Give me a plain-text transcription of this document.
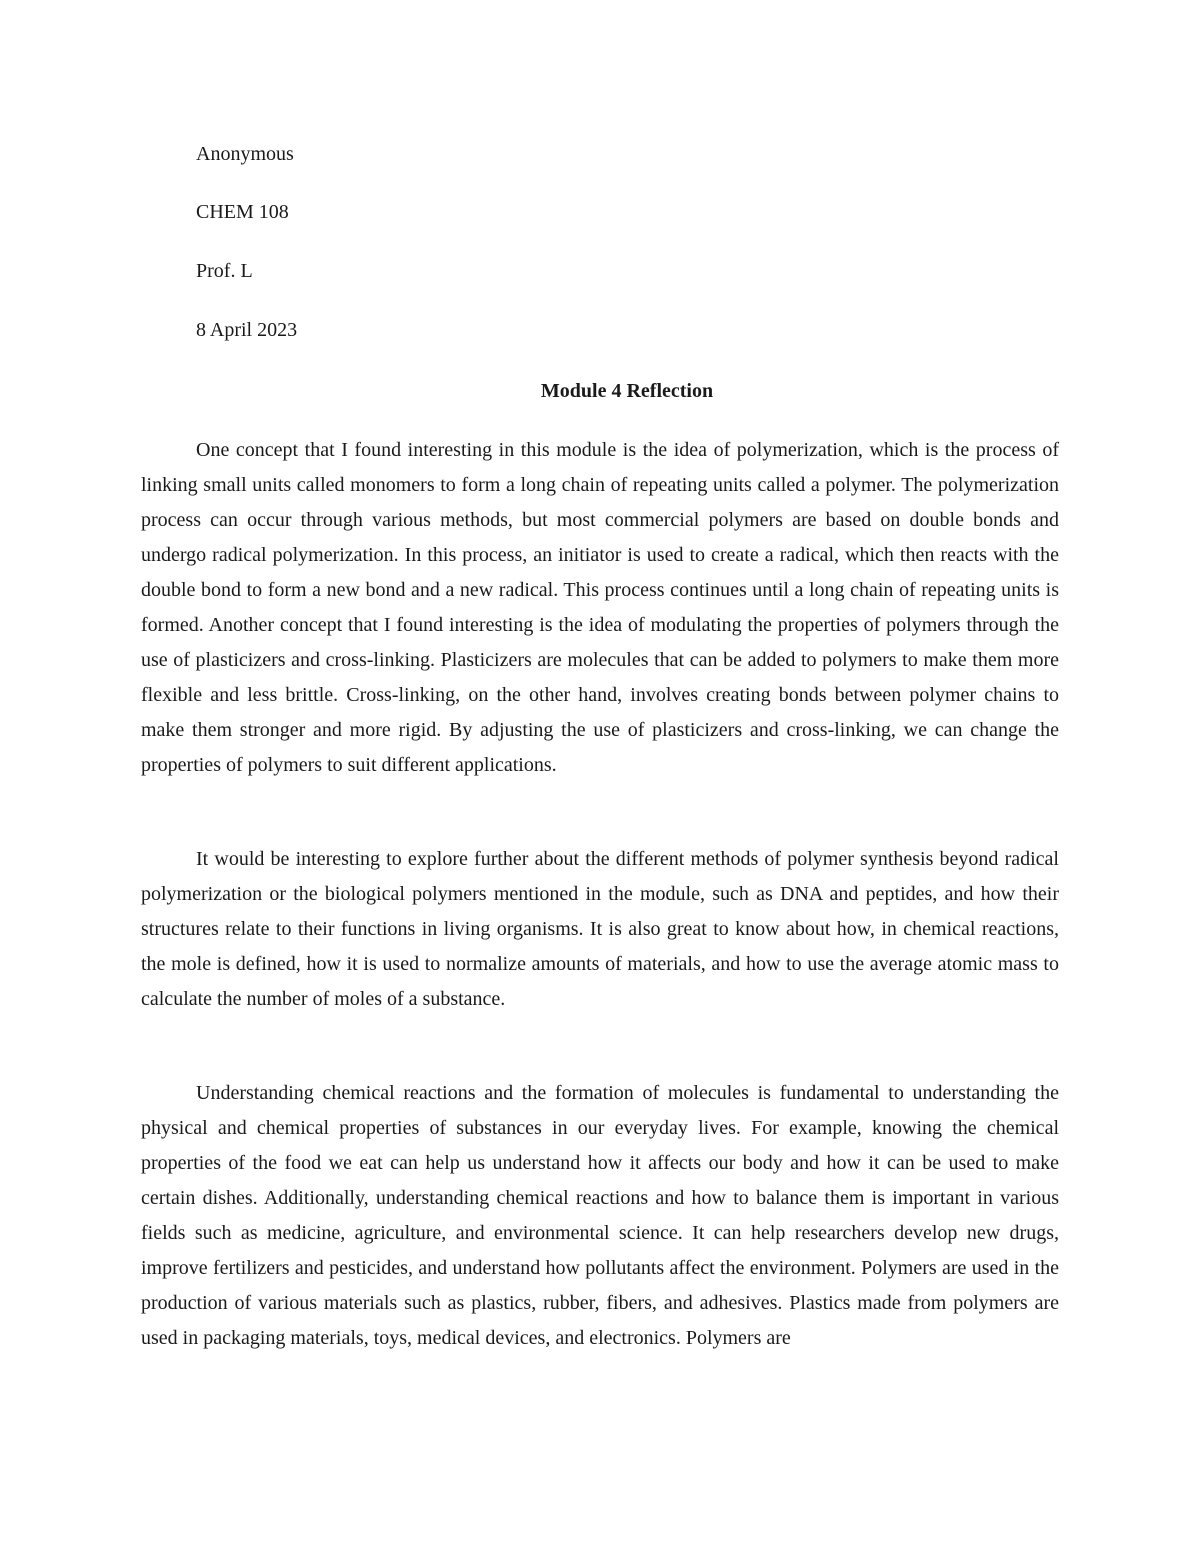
Anonymous

CHEM 108

Prof. L

8 April 2023

Module 4 Reflection

One concept that I found interesting in this module is the idea of polymerization, which is the process of linking small units called monomers to form a long chain of repeating units called a polymer. The polymerization process can occur through various methods, but most commercial polymers are based on double bonds and undergo radical polymerization. In this process, an initiator is used to create a radical, which then reacts with the double bond to form a new bond and a new radical. This process continues until a long chain of repeating units is formed. Another concept that I found interesting is the idea of modulating the properties of polymers through the use of plasticizers and cross-linking. Plasticizers are molecules that can be added to polymers to make them more flexible and less brittle. Cross-linking, on the other hand, involves creating bonds between polymer chains to make them stronger and more rigid. By adjusting the use of plasticizers and cross-linking, we can change the properties of polymers to suit different applications.

It would be interesting to explore further about the different methods of polymer synthesis beyond radical polymerization or the biological polymers mentioned in the module, such as DNA and peptides, and how their structures relate to their functions in living organisms. It is also great to know about how, in chemical reactions, the mole is defined, how it is used to normalize amounts of materials, and how to use the average atomic mass to calculate the number of moles of a substance.

Understanding chemical reactions and the formation of molecules is fundamental to understanding the physical and chemical properties of substances in our everyday lives. For example, knowing the chemical properties of the food we eat can help us understand how it affects our body and how it can be used to make certain dishes. Additionally, understanding chemical reactions and how to balance them is important in various fields such as medicine, agriculture, and environmental science. It can help researchers develop new drugs, improve fertilizers and pesticides, and understand how pollutants affect the environment. Polymers are used in the production of various materials such as plastics, rubber, fibers, and adhesives. Plastics made from polymers are used in packaging materials, toys, medical devices, and electronics. Polymers are
